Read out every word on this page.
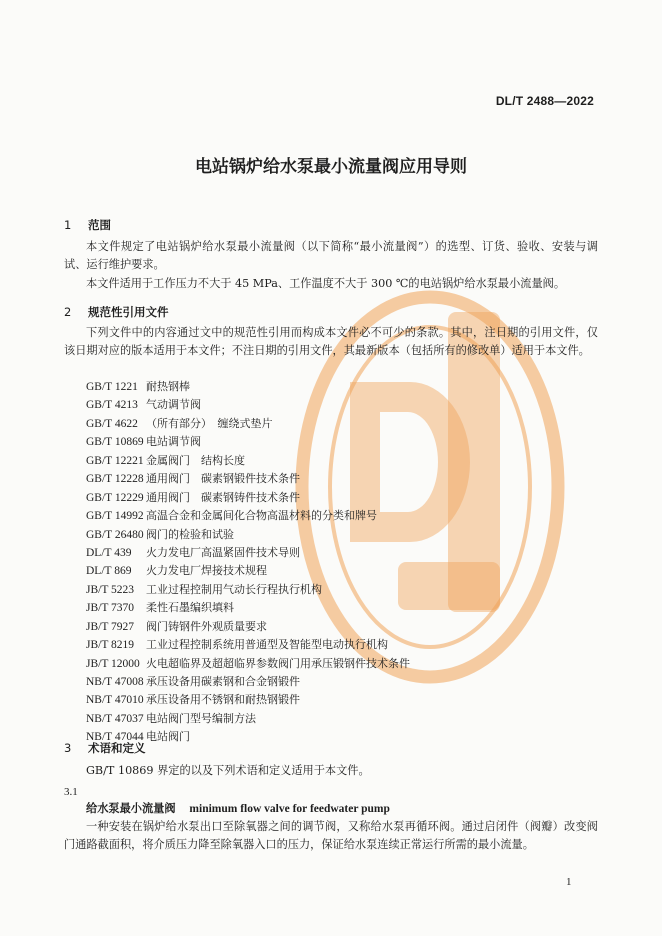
DL/T 2488—2022
电站锅炉给水泵最小流量阀应用导则
1 范围
本文件规定了电站锅炉给水泵最小流量阀（以下简称“最小流量阀”）的选型、订货、验收、安装与调试、运行维护要求。
本文件适用于工作压力不大于 45 MPa、工作温度不大于 300 ℃的电站锅炉给水泵最小流量阀。
2 规范性引用文件
下列文件中的内容通过文中的规范性引用而构成本文件必不可少的条款。其中，注日期的引用文件，仅该日期对应的版本适用于本文件；不注日期的引用文件，其最新版本（包括所有的修改单）适用于本文件。
GB/T 1221 耐热钢棒
GB/T 4213 气动调节阀
GB/T 4622 （所有部分）　缠绕式垫片
GB/T 10869 电站调节阀
GB/T 12221 金属阀门　结构长度
GB/T 12228 通用阀门　碳素钢锻件技术条件
GB/T 12229 通用阀门　碳素钢铸件技术条件
GB/T 14992 高温合金和金属间化合物高温材料的分类和牌号
GB/T 26480 阀门的检验和试验
DL/T 439 火力发电厂高温紧固件技术导则
DL/T 869 火力发电厂焊接技术规程
JB/T 5223 工业过程控制用气动长行程执行机构
JB/T 7370 柔性石墨编织填料
JB/T 7927 阀门铸钢件外观质量要求
JB/T 8219 工业过程控制系统用普通型及智能型电动执行机构
JB/T 12000 火电超临界及超超临界参数阀门用承压锻钢件技术条件
NB/T 47008 承压设备用碳素钢和合金钢锻件
NB/T 47010 承压设备用不锈钢和耐热钢锻件
NB/T 47037 电站阀门型号编制方法
NB/T 47044 电站阀门
3 术语和定义
GB/T 10869 界定的以及下列术语和定义适用于本文件。
3.1
给水泵最小流量阀 minimum flow valve for feedwater pump
一种安装在锅炉给水泵出口至除氧器之间的调节阀，又称给水泵再循环阀。通过启闭件（阀瓣）改变阀门通路截面积，将介质压力降至除氧器入口的压力，保证给水泵连续正常运行所需的最小流量。
1
